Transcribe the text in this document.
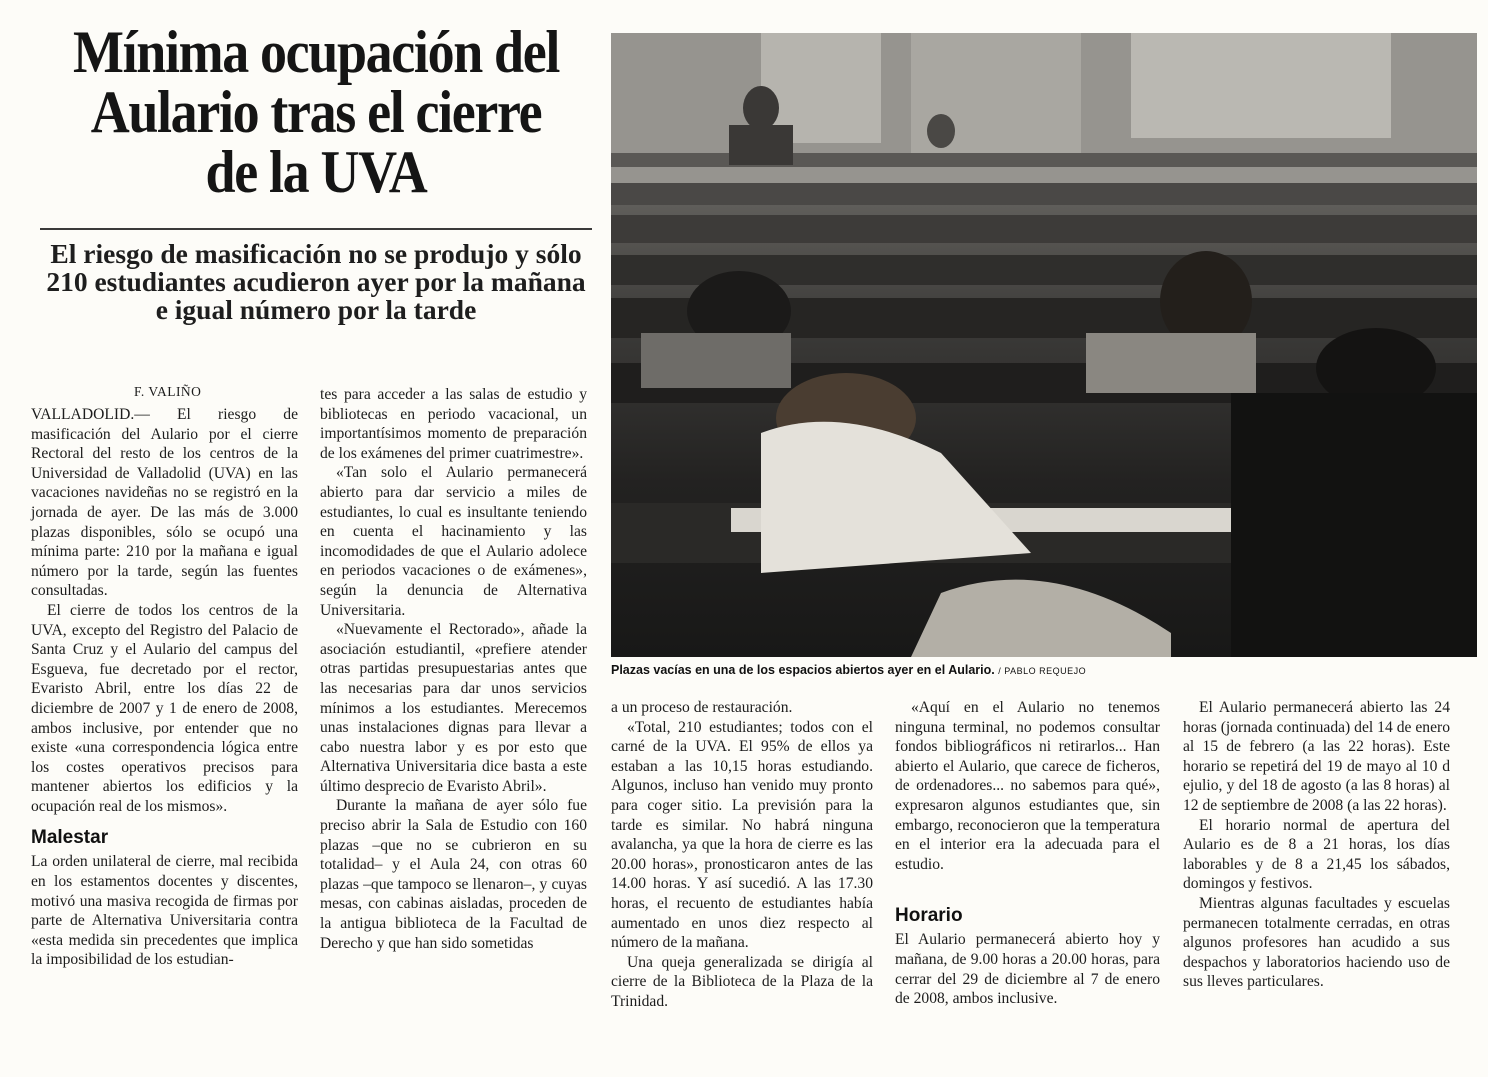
Mínima ocupación del Aulario tras el cierre de la UVA
El riesgo de masificación no se produjo y sólo 210 estudiantes acudieron ayer por la mañana e igual número por la tarde

Plazas vacías en una de los espacios abiertos ayer en el Aulario. / PABLO REQUEJO

F. VALIÑO

VALLADOLID.— El riesgo de masificación del Aulario por el cierre Rectoral del resto de los centros de la Universidad de Valladolid (UVA) en las vacaciones navideñas no se registró en la jornada de ayer. De las más de 3.000 plazas disponibles, sólo se ocupó una mínima parte: 210 por la mañana e igual número por la tarde, según las fuentes consultadas.

El cierre de todos los centros de la UVA, excepto del Registro del Palacio de Santa Cruz y el Aulario del campus del Esgueva, fue decretado por el rector, Evaristo Abril, entre los días 22 de diciembre de 2007 y 1 de enero de 2008, ambos inclusive, por entender que no existe «una correspondencia lógica entre los costes operativos precisos para mantener abiertos los edificios y la ocupación real de los mismos».

Malestar

La orden unilateral de cierre, mal recibida en los estamentos docentes y discentes, motivó una masiva recogida de firmas por parte de Alternativa Universitaria contra «esta medida sin precedentes que implica la imposibilidad de los estudian-

tes para acceder a las salas de estudio y bibliotecas en periodo vacacional, un importantísimos momento de preparación de los exámenes del primer cuatrimestre».

«Tan solo el Aulario permanecerá abierto para dar servicio a miles de estudiantes, lo cual es insultante teniendo en cuenta el hacinamiento y las incomodidades de que el Aulario adolece en periodos vacaciones o de exámenes», según la denuncia de Alternativa Universitaria.

«Nuevamente el Rectorado», añade la asociación estudiantil, «prefiere atender otras partidas presupuestarias antes que las necesarias para dar unos servicios mínimos a los estudiantes. Merecemos unas instalaciones dignas para llevar a cabo nuestra labor y es por esto que Alternativa Universitaria dice basta a este último desprecio de Evaristo Abril».

Durante la mañana de ayer sólo fue preciso abrir la Sala de Estudio con 160 plazas –que no se cubrieron en su totalidad– y el Aula 24, con otras 60 plazas –que tampoco se llenaron–, y cuyas mesas, con cabinas aisladas, proceden de la antigua biblioteca de la Facultad de Derecho y que han sido sometidas

a un proceso de restauración.

«Total, 210 estudiantes; todos con el carné de la UVA. El 95% de ellos ya estaban a las 10,15 horas estudiando. Algunos, incluso han venido muy pronto para coger sitio. La previsión para la tarde es similar. No habrá ninguna avalancha, ya que la hora de cierre es las 20.00 horas», pronosticaron antes de las 14.00 horas. Y así sucedió. A las 17.30 horas, el recuento de estudiantes había aumentado en unos diez respecto al número de la mañana.

Una queja generalizada se dirigía al cierre de la Biblioteca de la Plaza de la Trinidad.

«Aquí en el Aulario no tenemos ninguna terminal, no podemos consultar fondos bibliográficos ni retirarlos... Han abierto el Aulario, que carece de ficheros, de ordenadores... no sabemos para qué», expresaron algunos estudiantes que, sin embargo, reconocieron que la temperatura en el interior era la adecuada para el estudio.

Horario

El Aulario permanecerá abierto hoy y mañana, de 9.00 horas a 20.00 horas, para cerrar del 29 de diciembre al 7 de enero de 2008, ambos inclusive.

El Aulario permanecerá abierto las 24 horas (jornada continuada) del 14 de enero al 15 de febrero (a las 22 horas). Este horario se repetirá del 19 de mayo al 10 d ejulio, y del 18 de agosto (a las 8 horas) al 12 de septiembre de 2008 (a las 22 horas).

El horario normal de apertura del Aulario es de 8 a 21 horas, los días laborables y de 8 a 21,45 los sábados, domingos y festivos.

Mientras algunas facultades y escuelas permanecen totalmente cerradas, en otras algunos profesores han acudido a sus despachos y laboratorios haciendo uso de sus lleves particulares.
